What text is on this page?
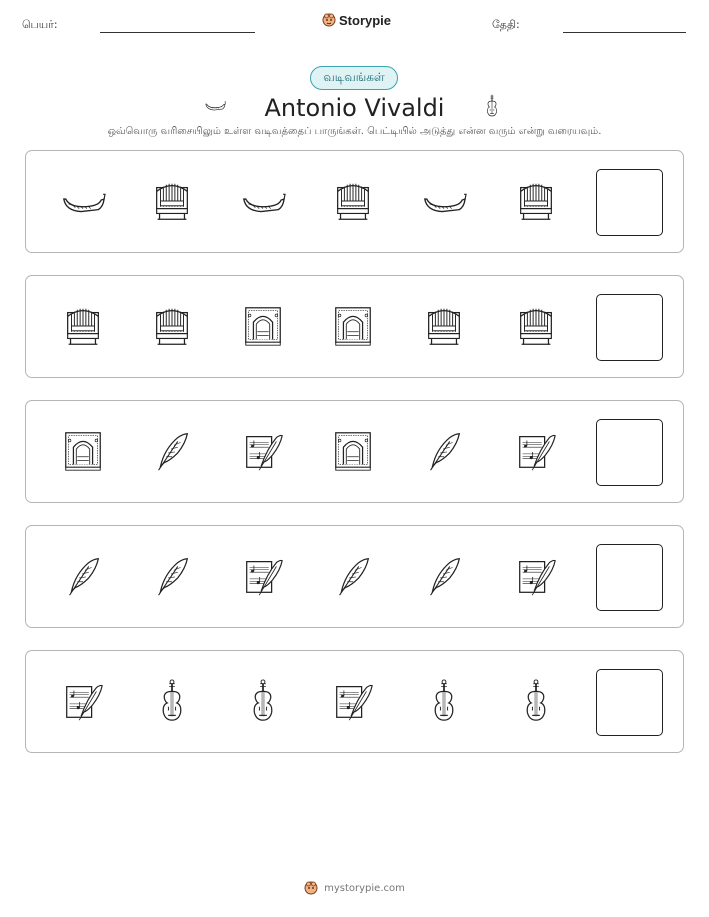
பெயர்:	Storypie	தேதி:
வடிவங்கள்
Antonio Vivaldi
ஒவ்வொரு வரிசையிலும் உள்ள வடிவத்தைப் பாருங்கள். பெட்டியில் அடுத்து என்ன வரும் என்று வரையவும்.
mystorypie.com
